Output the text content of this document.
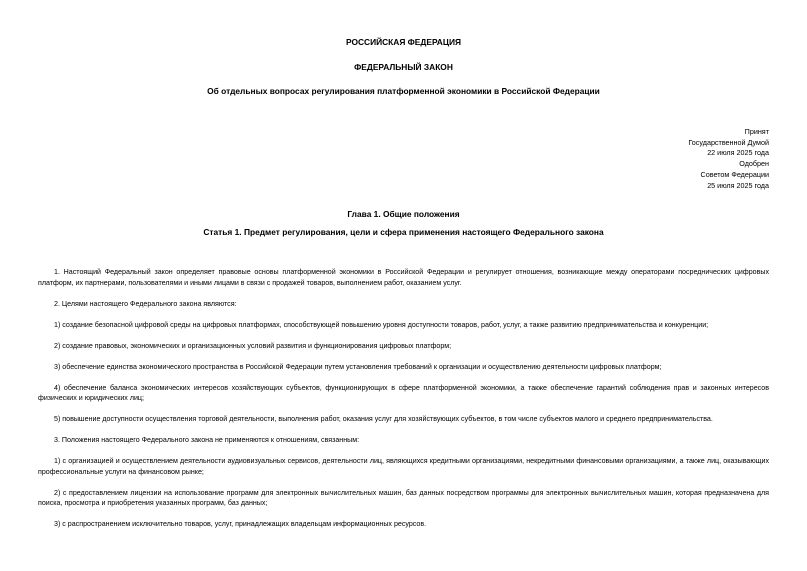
РОССИЙСКАЯ ФЕДЕРАЦИЯ
ФЕДЕРАЛЬНЫЙ ЗАКОН
Об отдельных вопросах регулирования платформенной экономики в Российской Федерации
Принят
Государственной Думой
22 июля 2025 года
Одобрен
Советом Федерации
25 июля 2025 года
Глава 1. Общие положения
Статья 1. Предмет регулирования, цели и сфера применения настоящего Федерального закона

1. Настоящий Федеральный закон определяет правовые основы платформенной экономики в Российской Федерации и регулирует отношения, возникающие между операторами посреднических цифровых платформ, их партнерами, пользователями и иными лицами в связи с продажей товаров, выполнением работ, оказанием услуг.

2. Целями настоящего Федерального закона являются:

1) создание безопасной цифровой среды на цифровых платформах, способствующей повышению уровня доступности товаров, работ, услуг, а также развитию предпринимательства и конкуренции;

2) создание правовых, экономических и организационных условий развития и функционирования цифровых платформ;

3) обеспечение единства экономического пространства в Российской Федерации путем установления требований к организации и осуществлению деятельности цифровых платформ;

4) обеспечение баланса экономических интересов хозяйствующих субъектов, функционирующих в сфере платформенной экономики, а также обеспечение гарантий соблюдения прав и законных интересов физических и юридических лиц;

5) повышение доступности осуществления торговой деятельности, выполнения работ, оказания услуг для хозяйствующих субъектов, в том числе субъектов малого и среднего предпринимательства.

3. Положения настоящего Федерального закона не применяются к отношениям, связанным:

1) с организацией и осуществлением деятельности аудиовизуальных сервисов, деятельности лиц, являющихся кредитными организациями, некредитными финансовыми организациями, а также лиц, оказывающих профессиональные услуги на финансовом рынке;

2) с предоставлением лицензии на использование программ для электронных вычислительных машин, баз данных посредством программы для электронных вычислительных машин, которая предназначена для поиска, просмотра и приобретения указанных программ, баз данных;

3) с распространением исключительно товаров, услуг, принадлежащих владельцам информационных ресурсов.
